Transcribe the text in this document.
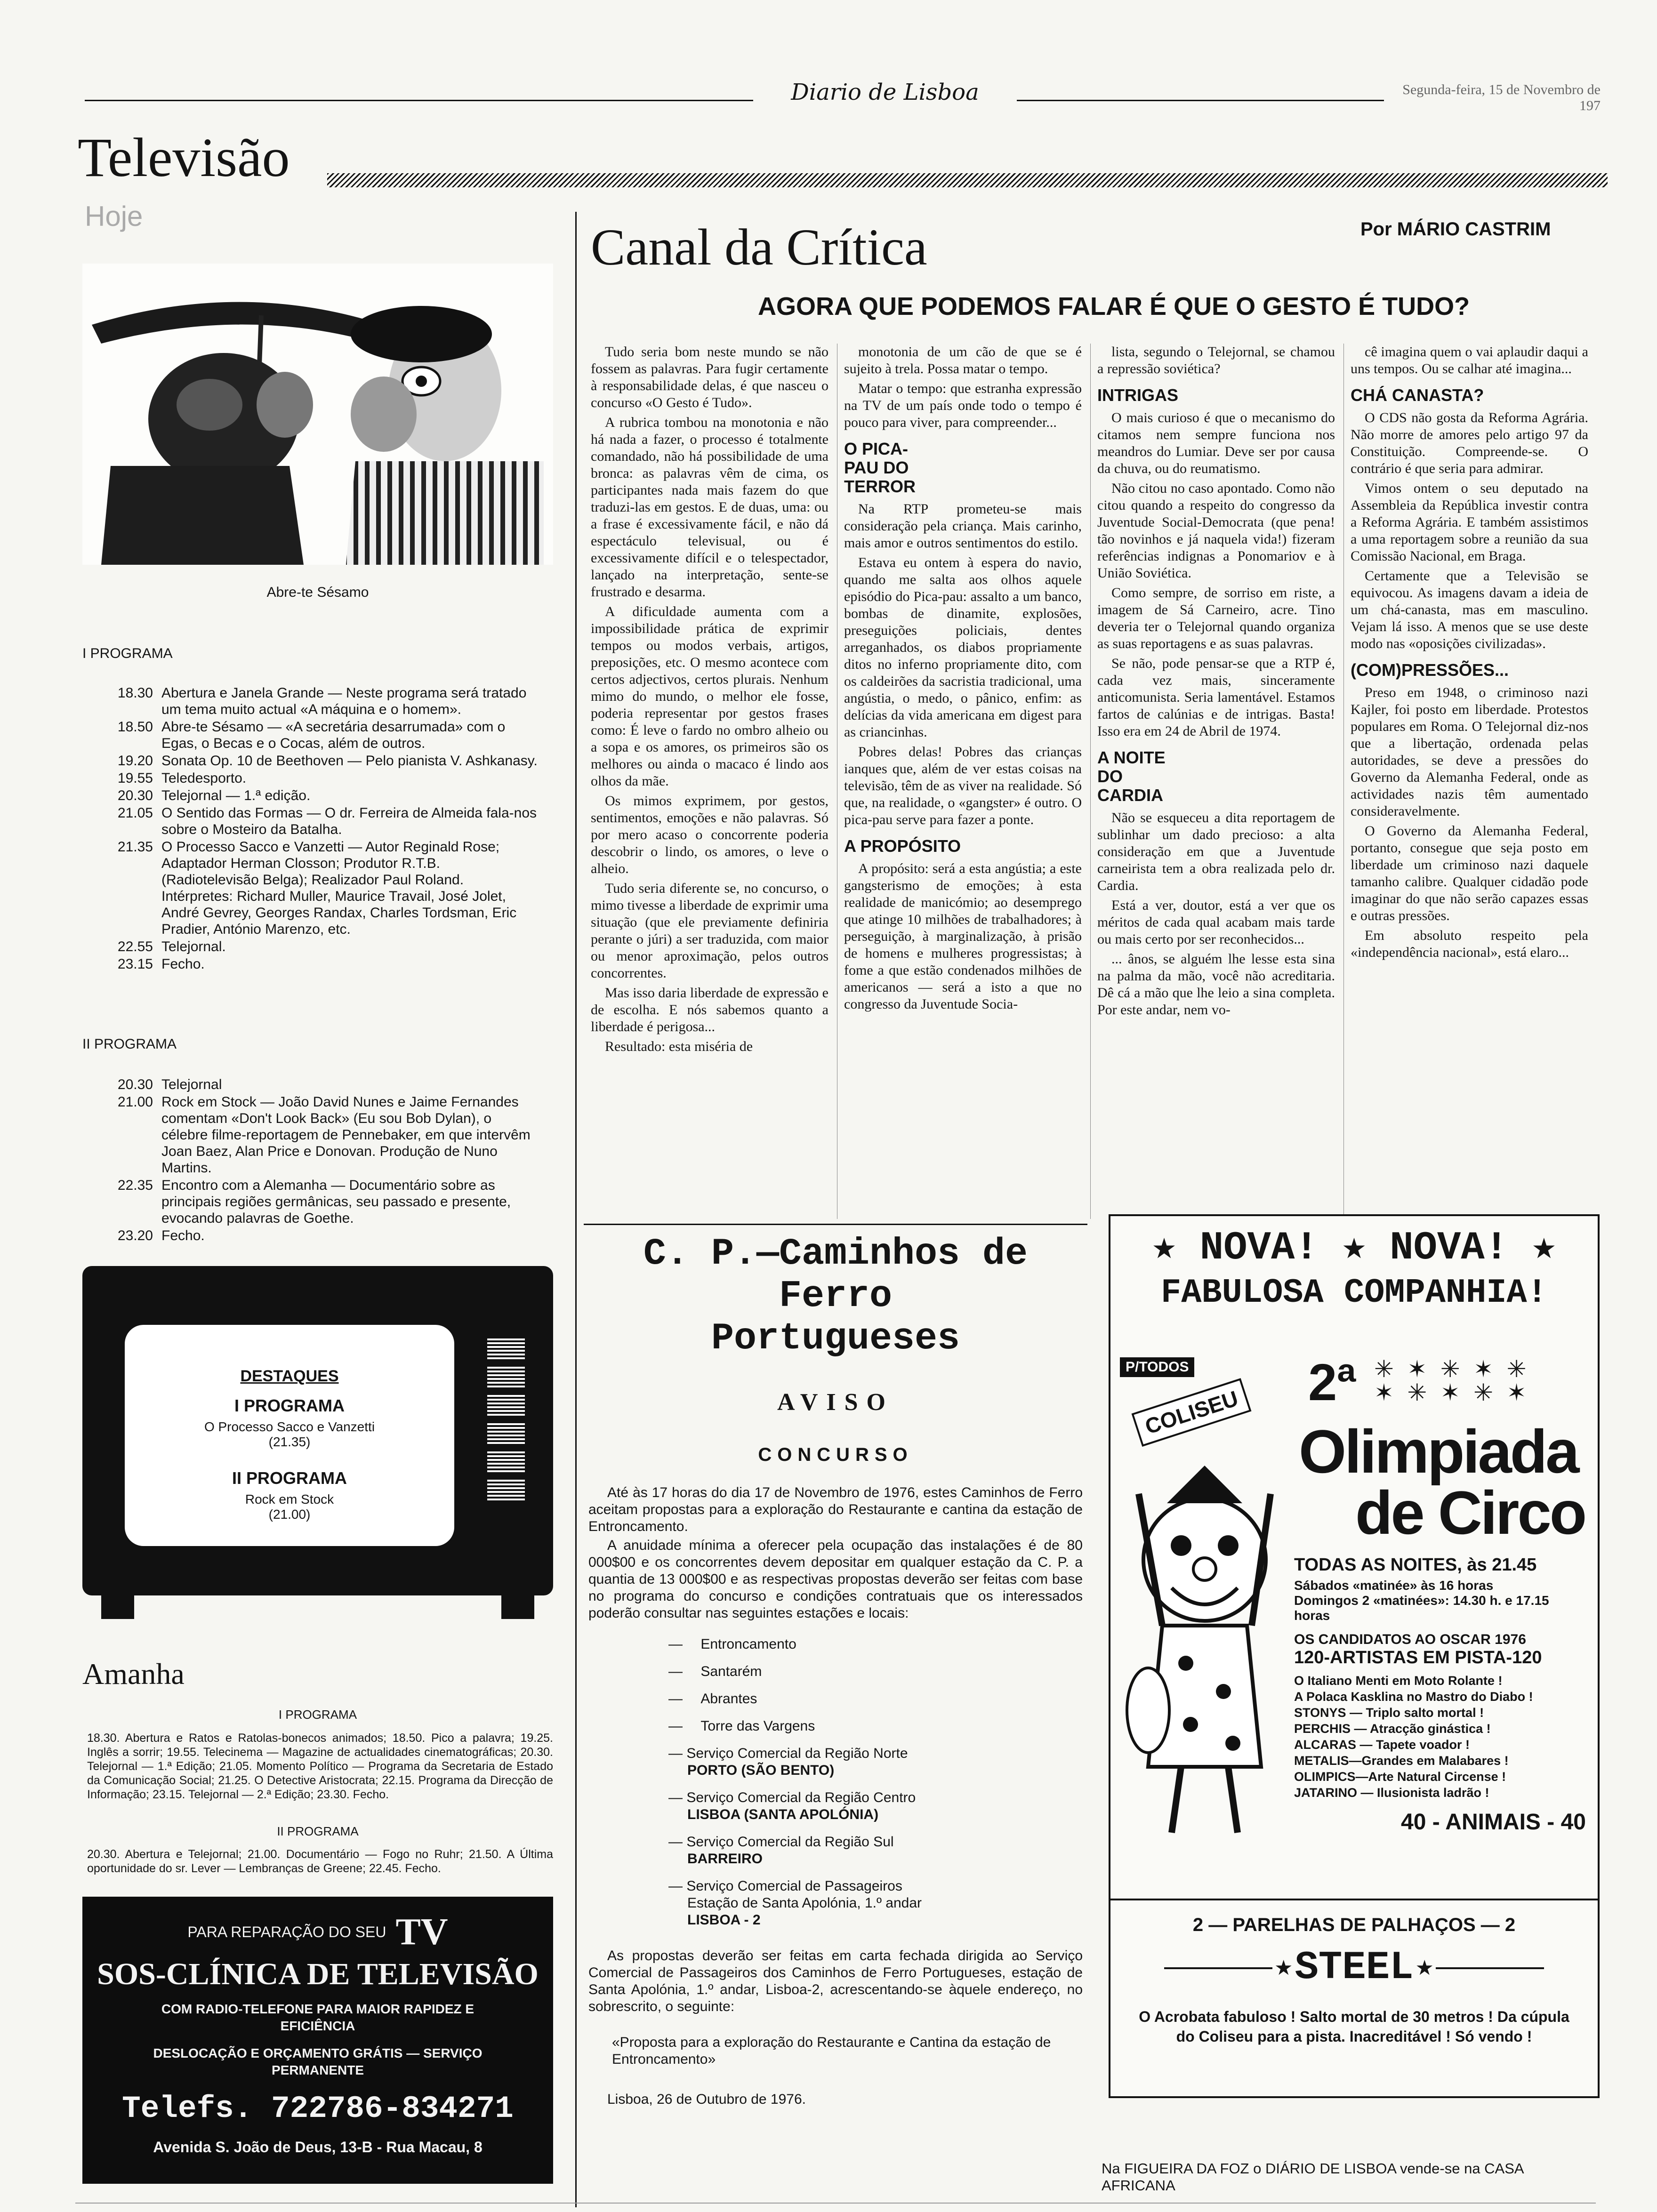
Diario de Lisboa	Segunda-feira, 15 de Novembro de 197
Televisão
Hoje
Abre-te Sésamo
I PROGRAMA
18.30 Abertura e Janela Grande — Neste programa será tratado um tema muito actual «A máquina e o homem».
18.50 Abre-te Sésamo — «A secretária desarrumada» com o Egas, o Becas e o Cocas, além de outros.
19.20 Sonata Op. 10 de Beethoven — Pelo pianista V. Ashkanasy.
19.55 Teledesporto.
20.30 Telejornal — 1.ª edição.
21.05 O Sentido das Formas — O dr. Ferreira de Almeida fala-nos sobre o Mosteiro da Batalha.
21.35 O Processo Sacco e Vanzetti — Autor Reginald Rose; Adaptador Herman Closson; Produtor R.T.B. (Radiotelevisão Belga); Realizador Paul Roland. Intérpretes: Richard Muller, Maurice Travail, José Jolet, André Gevrey, Georges Randax, Charles Tordsman, Eric Pradier, António Marenzo, etc.
22.55 Telejornal.
23.15 Fecho.
II PROGRAMA
20.30 Telejornal
21.00 Rock em Stock — João David Nunes e Jaime Fernandes comentam «Don't Look Back» (Eu sou Bob Dylan), o célebre filme-reportagem de Pennebaker, em que intervêm Joan Baez, Alan Price e Donovan. Produção de Nuno Martins.
22.35 Encontro com a Alemanha — Documentário sobre as principais regiões germânicas, seu passado e presente, evocando palavras de Goethe.
23.20 Fecho.
DESTAQUES
I PROGRAMA
O Processo Sacco e Vanzetti
(21.35)
II PROGRAMA
Rock em Stock
(21.00)
Amanha
I PROGRAMA
18.30. Abertura e Ratos e Ratolas-bonecos animados; 18.50. Pico a palavra; 19.25. Inglês a sorrir; 19.55. Telecinema — Magazine de actualidades cinematográficas; 20.30. Telejornal — 1.ª Edição; 21.05. Momento Político — Programa da Secretaria de Estado da Comunicação Social; 21.25. O Detective Aristocrata; 22.15. Programa da Direcção de Informação; 23.15. Telejornal — 2.ª Edição; 23.30. Fecho.
II PROGRAMA
20.30. Abertura e Telejornal; 21.00. Documentário — Fogo no Ruhr; 21.50. A Última oportunidade do sr. Lever — Lembranças de Greene; 22.45. Fecho.
PARA REPARAÇÃO DO SEU TV
SOS-CLÍNICA DE TELEVISÃO
COM RADIO-TELEFONE PARA MAIOR RAPIDEZ E EFICIÊNCIA
DESLOCAÇÃO E ORÇAMENTO GRÁTIS — SERVIÇO PERMANENTE
Telefs. 722786-834271
Avenida S. João de Deus, 13-B - Rua Macau, 8
Canal da Crítica	Por MÁRIO CASTRIM
AGORA QUE PODEMOS FALAR É QUE O GESTO É TUDO?

Tudo seria bom neste mundo se não fossem as palavras. Para fugir certamente à responsabilidade delas, é que nasceu o concurso «O Gesto é Tudo».

A rubrica tombou na monotonia e não há nada a fazer, o processo é totalmente comandado, não há possibilidade de uma bronca: as palavras vêm de cima, os participantes nada mais fazem do que traduzi-las em gestos. E de duas, uma: ou a frase é excessivamente fácil, e não dá espectáculo televisual, ou é excessivamente difícil e o telespectador, lançado na interpretação, sente-se frustrado e desarma.

A dificuldade aumenta com a impossibilidade prática de exprimir tempos ou modos verbais, artigos, preposições, etc. O mesmo acontece com certos adjectivos, certos plurais. Nenhum mimo do mundo, o melhor ele fosse, poderia representar por gestos frases como: É leve o fardo no ombro alheio ou a sopa e os amores, os primeiros são os melhores ou ainda o macaco é lindo aos olhos da mãe.

Os mimos exprimem, por gestos, sentimentos, emoções e não palavras. Só por mero acaso o concorrente poderia descobrir o lindo, os amores, o leve o alheio.

Tudo seria diferente se, no concurso, o mimo tivesse a liberdade de exprimir uma situação (que ele previamente definiria perante o júri) a ser traduzida, com maior ou menor aproximação, pelos outros concorrentes.

Mas isso daria liberdade de expressão e de escolha. E nós sabemos quanto a liberdade é perigosa...

Resultado: esta miséria de

monotonia de um cão de que se é sujeito à trela. Possa matar o tempo.

Matar o tempo: que estranha expressão na TV de um país onde todo o tempo é pouco para viver, para compreender...

O PICA-PAU DO TERROR

Na RTP prometeu-se mais consideração pela criança. Mais carinho, mais amor e outros sentimentos do estilo.

Estava eu ontem à espera do navio, quando me salta aos olhos aquele episódio do Pica-pau: assalto a um banco, bombas de dinamite, explosões, preseguições policiais, dentes arreganhados, os diabos propriamente ditos no inferno propriamente dito, com os caldeirões da sacristia tradicional, uma angústia, o medo, o pânico, enfim: as delícias da vida americana em digest para as criancinhas.

Pobres delas! Pobres das crianças ianques que, além de ver estas coisas na televisão, têm de as viver na realidade. Só que, na realidade, o «gangster» é outro. O pica-pau serve para fazer a ponte.

A PROPÓSITO

A propósito: será a esta angústia; a este gangsterismo de emoções; à esta realidade de manicómio; ao desemprego que atinge 10 milhões de trabalhadores; à perseguição, à marginalização, à prisão de homens e mulheres progressistas; à fome a que estão condenados milhões de americanos — será a isto a que no congresso da Juventude Socia-

lista, segundo o Telejornal, se chamou a repressão soviética?

INTRIGAS

O mais curioso é que o mecanismo do citamos nem sempre funciona nos meandros do Lumiar. Deve ser por causa da chuva, ou do reumatismo.

Não citou no caso apontado. Como não citou quando a respeito do congresso da Juventude Social-Democrata (que pena! tão novinhos e já naquela vida!) fizeram referências indignas a Ponomariov e à União Soviética.

Como sempre, de sorriso em riste, a imagem de Sá Carneiro, acre. Tino deveria ter o Telejornal quando organiza as suas reportagens e as suas palavras.

Se não, pode pensar-se que a RTP é, cada vez mais, sinceramente anticomunista. Seria lamentável. Estamos fartos de calúnias e de intrigas. Basta! Isso era em 24 de Abril de 1974.

A NOITE DO CARDIA

Não se esqueceu a dita reportagem de sublinhar um dado precioso: a alta consideração em que a Juventude carneirista tem a obra realizada pelo dr. Cardia.

Está a ver, doutor, está a ver que os méritos de cada qual acabam mais tarde ou mais certo por ser reconhecidos...

... ânos, se alguém lhe lesse esta sina na palma da mão, você não acreditaria. Dê cá a mão que lhe leio a sina completa. Por este andar, nem vo-

cê imagina quem o vai aplaudir daqui a uns tempos. Ou se calhar até imagina...

CHÁ CANASTA?

O CDS não gosta da Reforma Agrária. Não morre de amores pelo artigo 97 da Constituição. Compreende-se. O contrário é que seria para admirar.

Vimos ontem o seu deputado na Assembleia da República investir contra a Reforma Agrária. E também assistimos a uma reportagem sobre a reunião da sua Comissão Nacional, em Braga.

Certamente que a Televisão se equivocou. As imagens davam a ideia de um chá-canasta, mas em masculino. Vejam lá isso. A menos que se use deste modo nas «oposições civilizadas».

(COM)PRESSÕES...

Preso em 1948, o criminoso nazi Kajler, foi posto em liberdade. Protestos populares em Roma. O Telejornal diz-nos que a libertação, ordenada pelas autoridades, se deve a pressões do Governo da Alemanha Federal, onde as actividades nazis têm aumentado consideravelmente.

O Governo da Alemanha Federal, portanto, consegue que seja posto em liberdade um criminoso nazi daquele tamanho calibre. Qualquer cidadão pode imaginar do que não serão capazes essas e outras pressões.

Em absoluto respeito pela «independência nacional», está elaro...

C. P.—Caminhos de Ferro
Portugueses
AVISO
CONCURSO
Até às 17 horas do dia 17 de Novembro de 1976, estes Caminhos de Ferro aceitam propostas para a exploração do Restaurante e cantina da estação de Entroncamento.
A anuidade mínima a oferecer pela ocupação das instalações é de 80 000$00 e os concorrentes devem depositar em qualquer estação da C. P. a quantia de 13 000$00 e as respectivas propostas deverão ser feitas com base no programa do concurso e condições contratuais que os interessados poderão consultar nas seguintes estações e locais:
— Entroncamento
— Santarém
— Abrantes
— Torre das Vargens
— Serviço Comercial da Região Norte
PORTO (SÃO BENTO)
— Serviço Comercial da Região Centro
LISBOA (SANTA APOLÓNIA)
— Serviço Comercial da Região Sul
BARREIRO
— Serviço Comercial de Passageiros
Estação de Santa Apolónia, 1.º andar
LISBOA - 2
As propostas deverão ser feitas em carta fechada dirigida ao Serviço Comercial de Passageiros dos Caminhos de Ferro Portugueses, estação de Santa Apolónia, 1.º andar, Lisboa-2, acrescentando-se àquele endereço, no sobrescrito, o seguinte:
«Proposta para a exploração do Restaurante e Cantina da estação de Entroncamento»
Lisboa, 26 de Outubro de 1976.
★ NOVA! ★ NOVA! ★
FABULOSA COMPANHIA!
P/TODOS
COLISEU
✳ ✶ ✳ ✶ ✳
✶ ✳ ✶ ✳ ✶
2ª
Olimpiada
de Circo
TODAS AS NOITES, às 21.45
Sábados «matinée» às 16 horas
Domingos 2 «matinées»: 14.30 h. e 17.15 horas
OS CANDIDATOS AO OSCAR 1976
120-ARTISTAS EM PISTA-120
O Italiano Menti em Moto Rolante !
A Polaca Kasklina no Mastro do Diabo !
STONYS — Triplo salto mortal !
PERCHIS — Atracção ginástica !
ALCARAS — Tapete voador !
METALIS—Grandes em Malabares !
OLIMPICS—Arte Natural Circense !
JATARINO — Ilusionista ladrão !
40 - ANIMAIS - 40
2 — PARELHAS DE PALHAÇOS — 2
★ STEEL ★
O Acrobata fabuloso ! Salto mortal de 30 metros ! Da cúpula do Coliseu para a pista. Inacreditável ! Só vendo !
Na FIGUEIRA DA FOZ o DIÁRIO DE LISBOA vende-se na CASA AFRICANA
